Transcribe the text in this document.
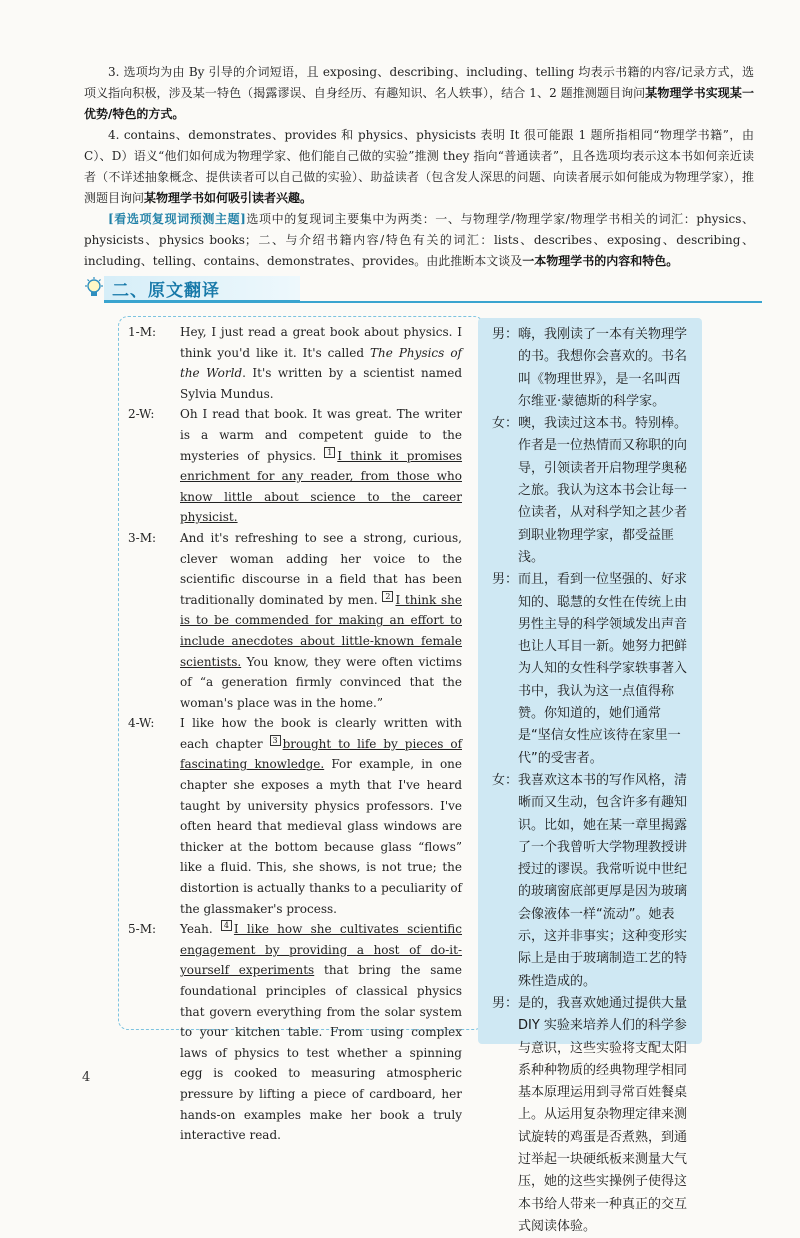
3. 选项均为由 By 引导的介词短语，且 exposing、describing、including、telling 均表示书籍的内容/记录方式，选项义指向积极，涉及某一特色（揭露谬误、自身经历、有趣知识、名人轶事），结合 1、2 题推测题目询问某物理学书实现某一优势/特色的方式。

4. contains、demonstrates、provides 和 physics、physicists 表明 It 很可能跟 1 题所指相同“物理学书籍”，由 C）、D）语义“他们如何成为物理学家、他们能自己做的实验”推测 they 指向“普通读者”，且各选项均表示这本书如何亲近读者（不详述抽象概念、提供读者可以自己做的实验）、助益读者（包含发人深思的问题、向读者展示如何能成为物理学家），推测题目询问某物理学书如何吸引读者兴趣。

[看选项复现词预测主题]选项中的复现词主要集中为两类：一、与物理学/物理学家/物理学书相关的词汇：physics、physicists、physics books；二、与介绍书籍内容/特色有关的词汇：lists、describes、exposing、describing、including、telling、contains、demonstrates、provides。由此推断本文谈及一本物理学书的内容和特色。

二、原文翻译

1-M: Hey, I just read a great book about physics. I think you'd like it. It's called The Physics of the World. It's written by a scientist named Sylvia Mundus.

2-W: Oh I read that book. It was great. The writer is a warm and competent guide to the mysteries of physics. 1 I think it promises enrichment for any reader, from those who know little about science to the career physicist.

3-M: And it's refreshing to see a strong, curious, clever woman adding her voice to the scientific discourse in a field that has been traditionally dominated by men. 2 I think she is to be commended for making an effort to include anecdotes about little-known female scientists. You know, they were often victims of “a generation firmly convinced that the woman's place was in the home.”

4-W: I like how the book is clearly written with each chapter 3 brought to life by pieces of fascinating knowledge. For example, in one chapter she exposes a myth that I've heard taught by university physics professors. I've often heard that medieval glass windows are thicker at the bottom because glass “flows” like a fluid. This, she shows, is not true; the distortion is actually thanks to a peculiarity of the glassmaker's process.

5-M: Yeah. 4 I like how she cultivates scientific engagement by providing a host of do-it-yourself experiments that bring the same foundational principles of classical physics that govern everything from the solar system to your kitchen table. From using complex laws of physics to test whether a spinning egg is cooked to measuring atmospheric pressure by lifting a piece of cardboard, her hands-on examples make her book a truly interactive read.

男： 嗨，我刚读了一本有关物理学的书。我想你会喜欢的。书名叫《物理世界》，是一名叫西尔维亚·蒙德斯的科学家。

女： 噢，我读过这本书。特别棒。作者是一位热情而又称职的向导，引领读者开启物理学奥秘之旅。我认为这本书会让每一位读者，从对科学知之甚少者到职业物理学家，都受益匪浅。

男： 而且，看到一位坚强的、好求知的、聪慧的女性在传统上由男性主导的科学领域发出声音也让人耳目一新。她努力把鲜为人知的女性科学家轶事著入书中，我认为这一点值得称赞。你知道的，她们通常是“坚信女性应该待在家里一代”的受害者。

女： 我喜欢这本书的写作风格，清晰而又生动，包含许多有趣知识。比如，她在某一章里揭露了一个我曾听大学物理教授讲授过的谬误。我常听说中世纪的玻璃窗底部更厚是因为玻璃会像液体一样“流动”。她表示，这并非事实；这种变形实际上是由于玻璃制造工艺的特殊性造成的。

男： 是的，我喜欢她通过提供大量 DIY 实验来培养人们的科学参与意识，这些实验将支配太阳系种种物质的经典物理学相同基本原理运用到寻常百姓餐桌上。从运用复杂物理定律来测试旋转的鸡蛋是否煮熟，到通过举起一块硬纸板来测量大气压，她的这些实操例子使得这本书给人带来一种真正的交互式阅读体验。

4
